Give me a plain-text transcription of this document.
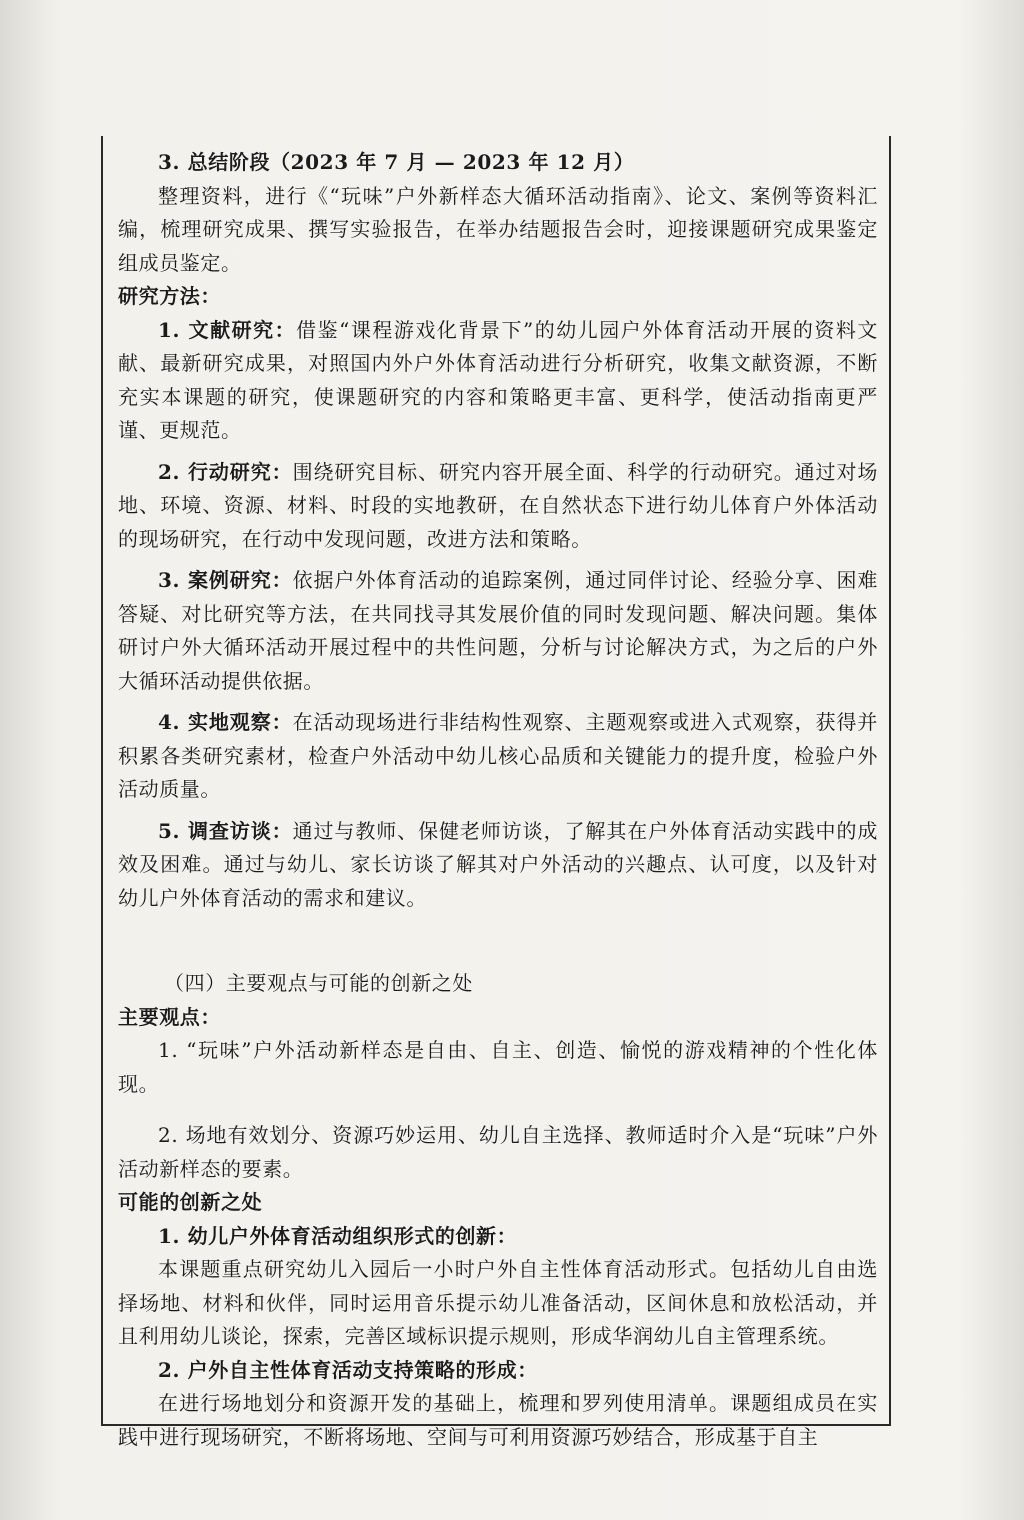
3. 总结阶段（2023 年 7 月 — 2023 年 12 月）

整理资料，进行《“玩味”户外新样态大循环活动指南》、论文、案例等资料汇编，梳理研究成果、撰写实验报告，在举办结题报告会时，迎接课题研究成果鉴定组成员鉴定。

研究方法：

1. 文献研究：借鉴“课程游戏化背景下”的幼儿园户外体育活动开展的资料文献、最新研究成果，对照国内外户外体育活动进行分析研究，收集文献资源，不断充实本课题的研究，使课题研究的内容和策略更丰富、更科学，使活动指南更严谨、更规范。

2. 行动研究：围绕研究目标、研究内容开展全面、科学的行动研究。通过对场地、环境、资源、材料、时段的实地教研，在自然状态下进行幼儿体育户外体活动的现场研究，在行动中发现问题，改进方法和策略。

3. 案例研究：依据户外体育活动的追踪案例，通过同伴讨论、经验分享、困难答疑、对比研究等方法，在共同找寻其发展价值的同时发现问题、解决问题。集体研讨户外大循环活动开展过程中的共性问题，分析与讨论解决方式，为之后的户外大循环活动提供依据。

4. 实地观察：在活动现场进行非结构性观察、主题观察或进入式观察，获得并积累各类研究素材，检查户外活动中幼儿核心品质和关键能力的提升度，检验户外活动质量。

5. 调查访谈：通过与教师、保健老师访谈，了解其在户外体育活动实践中的成效及困难。通过与幼儿、家长访谈了解其对户外活动的兴趣点、认可度，以及针对幼儿户外体育活动的需求和建议。

（四）主要观点与可能的创新之处

主要观点：

1. “玩味”户外活动新样态是自由、自主、创造、愉悦的游戏精神的个性化体现。

2. 场地有效划分、资源巧妙运用、幼儿自主选择、教师适时介入是“玩味”户外活动新样态的要素。

可能的创新之处

1. 幼儿户外体育活动组织形式的创新：

本课题重点研究幼儿入园后一小时户外自主性体育活动形式。包括幼儿自由选择场地、材料和伙伴，同时运用音乐提示幼儿准备活动，区间休息和放松活动，并且利用幼儿谈论，探索，完善区域标识提示规则，形成华润幼儿自主管理系统。

2. 户外自主性体育活动支持策略的形成：

在进行场地划分和资源开发的基础上，梳理和罗列使用清单。课题组成员在实践中进行现场研究，不断将场地、空间与可利用资源巧妙结合，形成基于自主
